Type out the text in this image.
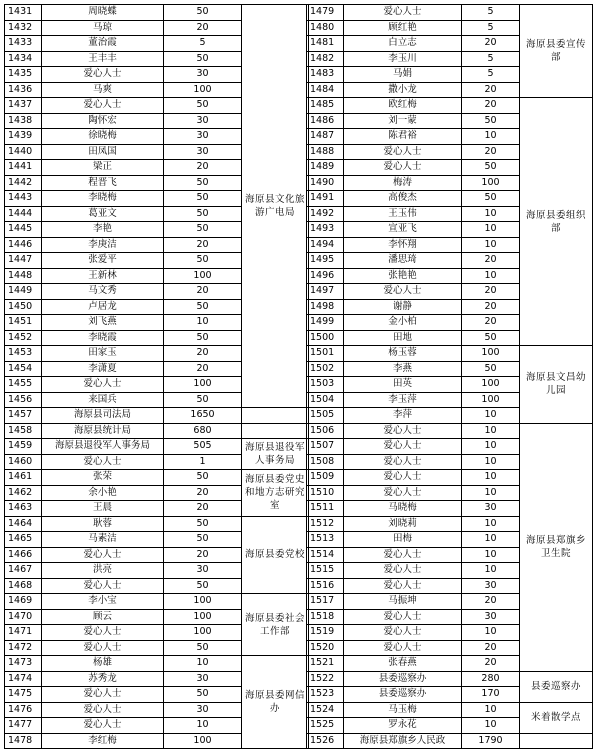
1431	周晓蝶	50	海原县文化旅游广电局
1432	马琼	20	
1433	董治霞	5	
1434	王丰丰	50	
1435	爱心人士	30	
1436	马爽	100	
1437	爱心人士	50	
1438	陶怀宏	30	
1439	徐晓梅	30	
1440	田凤国	30	
1441	梁正	20	
1442	程晋飞	50	
1443	李晓梅	50	
1444	葛亚文	50	
1445	李艳	50	
1446	李庚洁	20	
1447	张爱平	50	
1448	王新林	100	
1449	马文秀	20	
1450	卢居龙	50	
1451	刘飞燕	10	
1452	李晓霞	50	
1453	田家玉	20	
1454	李潇夏	20	
1455	爱心人士	100	
1456	来国兵	50	
1457	海原县司法局	1650	
1458	海原县统计局	680	
1459	海原县退役军人事务局	505	海原县退役军人事务局
1460	爱心人士	1	
1461	张荣	50	海原县委党史和地方志研究室
1462	余小艳	20	
1463	王晨	20	
1464	耿蓉	50	海原县委党校
1465	马素洁	50	
1466	爱心人士	20	
1467	洪亮	30	
1468	爱心人士	50	
1469	李小宝	100	海原县委社会工作部
1470	顾云	100	
1471	爱心人士	100	
1472	爱心人士	50	
1473	杨雄	10	海原县委网信办
1474	苏秀龙	30	
1475	爱心人士	50	
1476	爱心人士	30	
1477	爱心人士	10	
1478	李红梅	100	
1479	爱心人士	5	海原县委宣传部
1480	顾红艳	5	
1481	白立志	20	
1482	李玉川	5	
1483	马娟	5	
1484	撒小龙	20	
1485	欧红梅	20	海原县委组织部
1486	刘一蒙	50	
1487	陈君裕	10	
1488	爱心人士	20	
1489	爱心人士	50	
1490	梅涛	100	
1491	高俊杰	50	
1492	王玉伟	10	
1493	宣亚飞	10	
1494	李怀翔	10	
1495	潘思琦	20	
1496	张艳艳	10	
1497	爱心人士	20	
1498	谢静	20	
1499	金小柏	20	
1500	田地	50	
1501	杨玉蓉	100	海原县文昌幼儿园
1502	李燕	50	
1503	田英	100	
1504	李玉萍	100	
1505	李萍	10	
1506	爱心人士	10	海原县郑旗乡卫生院
1507	爱心人士	10	
1508	爱心人士	10	
1509	爱心人士	10	
1510	爱心人士	10	
1511	马晓梅	30	
1512	刘晓莉	10	
1513	田梅	10	
1514	爱心人士	10	
1515	爱心人士	10	
1516	爱心人士	30	
1517	马振坤	20	
1518	爱心人士	30	
1519	爱心人士	10	
1520	爱心人士	20	
1521	张春燕	20	
1522	县委巡察办	280	县委巡察办
1523	县委巡察办	170	
1524	马玉梅	10	米着散学点
1525	罗永花	10	
1526	海原县郑旗乡人民政	1790	
